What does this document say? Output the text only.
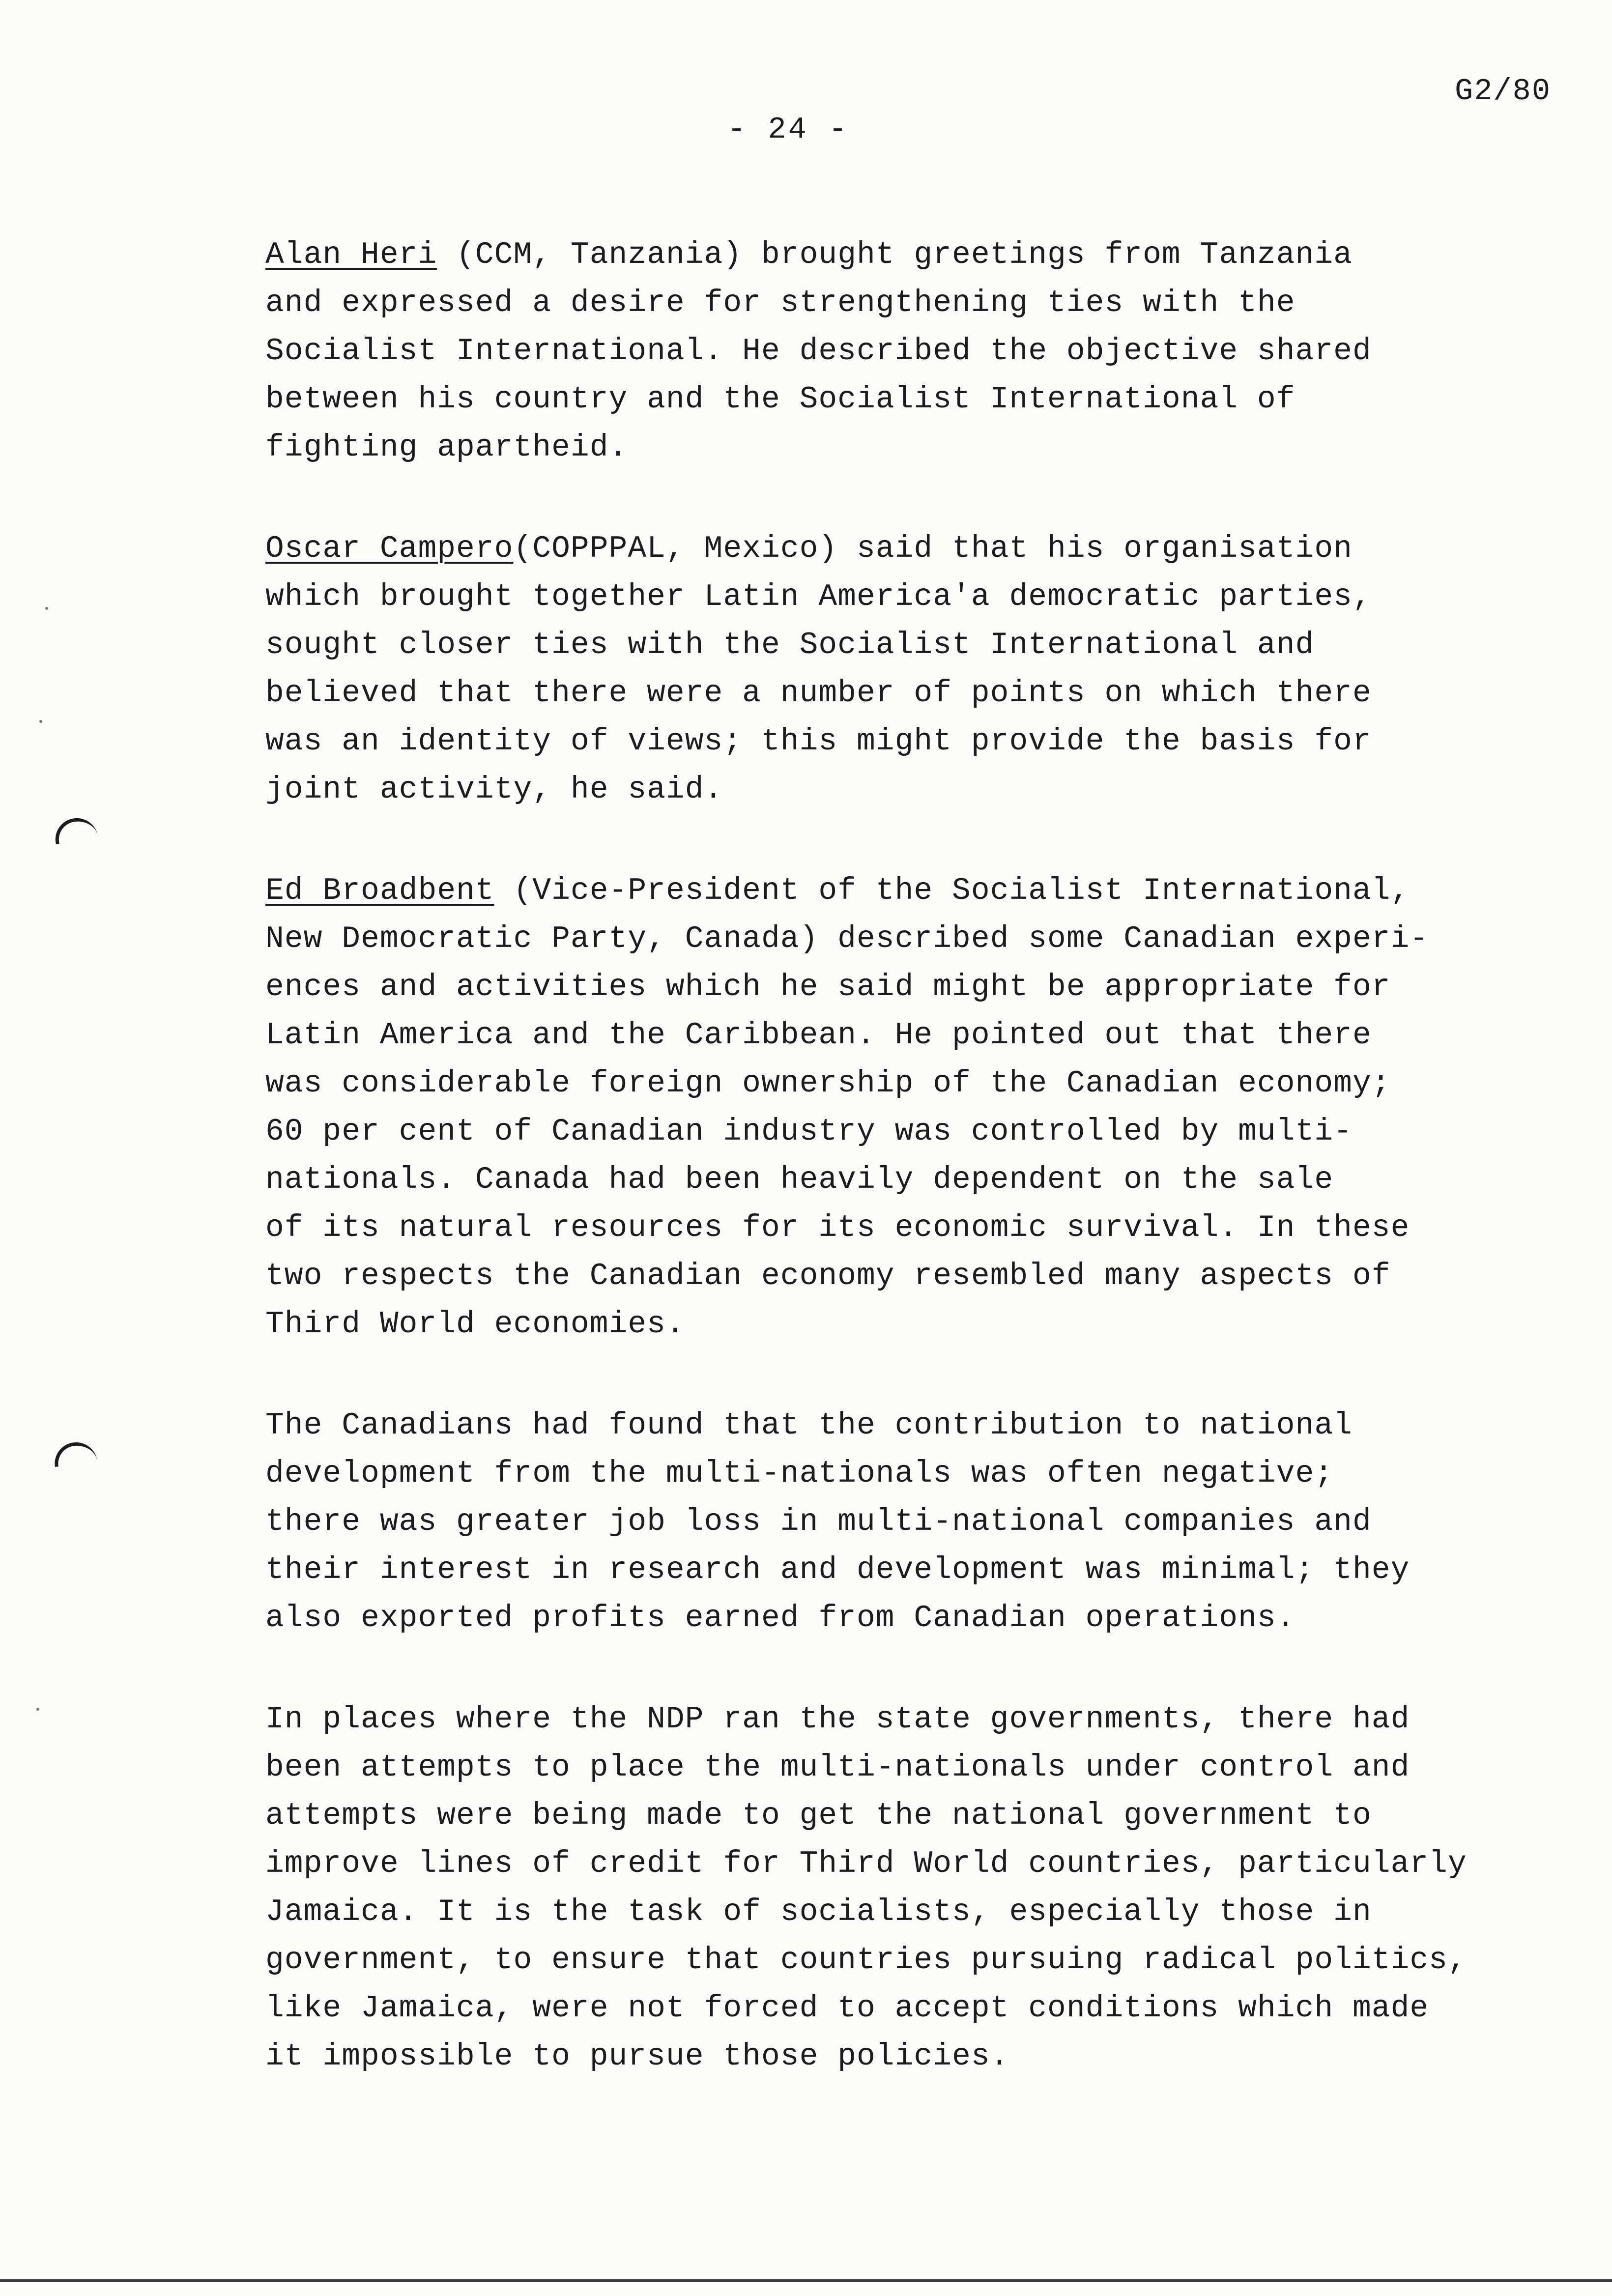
G2/80
- 24 -

Alan Heri (CCM, Tanzania) brought greetings from Tanzania
and expressed a desire for strengthening ties with the
Socialist International. He described the objective shared
between his country and the Socialist International of
fighting apartheid.

Oscar Campero(COPPPAL, Mexico) said that his organisation
which brought together Latin America'a democratic parties,
sought closer ties with the Socialist International and
believed that there were a number of points on which there
was an identity of views; this might provide the basis for
joint activity, he said.

Ed Broadbent (Vice-President of the Socialist International,
New Democratic Party, Canada) described some Canadian experi-
ences and activities which he said might be appropriate for
Latin America and the Caribbean. He pointed out that there
was considerable foreign ownership of the Canadian economy;
60 per cent of Canadian industry was controlled by multi-
nationals. Canada had been heavily dependent on the sale
of its natural resources for its economic survival. In these
two respects the Canadian economy resembled many aspects of
Third World economies.

The Canadians had found that the contribution to national
development from the multi-nationals was often negative;
there was greater job loss in multi-national companies and
their interest in research and development was minimal; they
also exported profits earned from Canadian operations.

In places where the NDP ran the state governments, there had
been attempts to place the multi-nationals under control and
attempts were being made to get the national government to
improve lines of credit for Third World countries, particularly
Jamaica. It is the task of socialists, especially those in
government, to ensure that countries pursuing radical politics,
like Jamaica, were not forced to accept conditions which made
it impossible to pursue those policies.
